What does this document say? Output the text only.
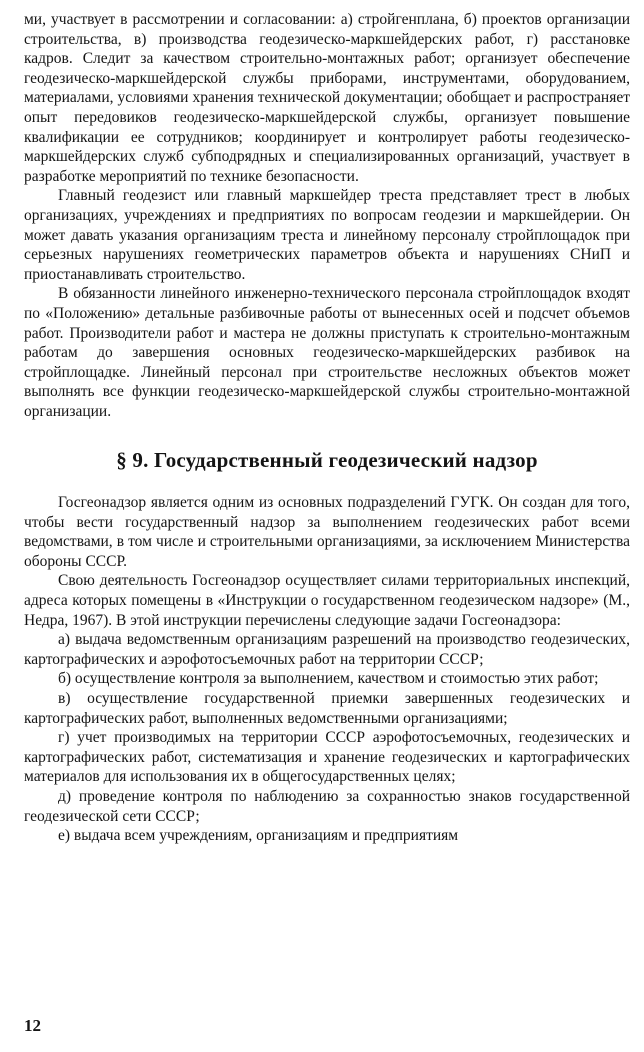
ми, участвует в рассмотрении и согласовании: а) стройгенплана, б) проектов организации строительства, в) производства геодезическо-маркшейдерских работ, г) расстановке кадров. Следит за качеством строительно-монтажных работ; организует обеспечение геодезическо-маркшейдерской службы приборами, инструментами, оборудованием, материалами, условиями хранения технической документации; обобщает и распространяет опыт передовиков геодезическо-маркшейдерской службы, организует повышение квалификации ее сотрудников; координирует и контролирует работы геодезическо-маркшейдерских служб субподрядных и специализированных организаций, участвует в разработке мероприятий по технике безопасности.

Главный геодезист или главный маркшейдер треста представляет трест в любых организациях, учреждениях и предприятиях по вопросам геодезии и маркшейдерии. Он может давать указания организациям треста и линейному персоналу стройплощадок при серьезных нарушениях геометрических параметров объекта и нарушениях СНиП и приостанавливать строительство.

В обязанности линейного инженерно-технического персонала стройплощадок входят по «Положению» детальные разбивочные работы от вынесенных осей и подсчет объемов работ. Производители работ и мастера не должны приступать к строительно-монтажным работам до завершения основных геодезическо-маркшейдерских разбивок на стройплощадке. Линейный персонал при строительстве несложных объектов может выполнять все функции геодезическо-маркшейдерской службы строительно-монтажной организации.

§ 9. Государственный геодезический надзор

Госгеонадзор является одним из основных подразделений ГУГК. Он создан для того, чтобы вести государственный надзор за выполнением геодезических работ всеми ведомствами, в том числе и строительными организациями, за исключением Министерства обороны СССР.

Свою деятельность Госгеонадзор осуществляет силами территориальных инспекций, адреса которых помещены в «Инструкции о государственном геодезическом надзоре» (М., Недра, 1967). В этой инструкции перечислены следующие задачи Госгеонадзора:

а) выдача ведомственным организациям разрешений на производство геодезических, картографических и аэрофотосъемочных работ на территории СССР;

б) осуществление контроля за выполнением, качеством и стоимостью этих работ;

в) осуществление государственной приемки завершенных геодезических и картографических работ, выполненных ведомственными организациями;

г) учет производимых на территории СССР аэрофотосъемочных, геодезических и картографических работ, систематизация и хранение геодезических и картографических материалов для использования их в общегосударственных целях;

д) проведение контроля по наблюдению за сохранностью знаков государственной геодезической сети СССР;

е) выдача всем учреждениям, организациям и предприятиям

12
